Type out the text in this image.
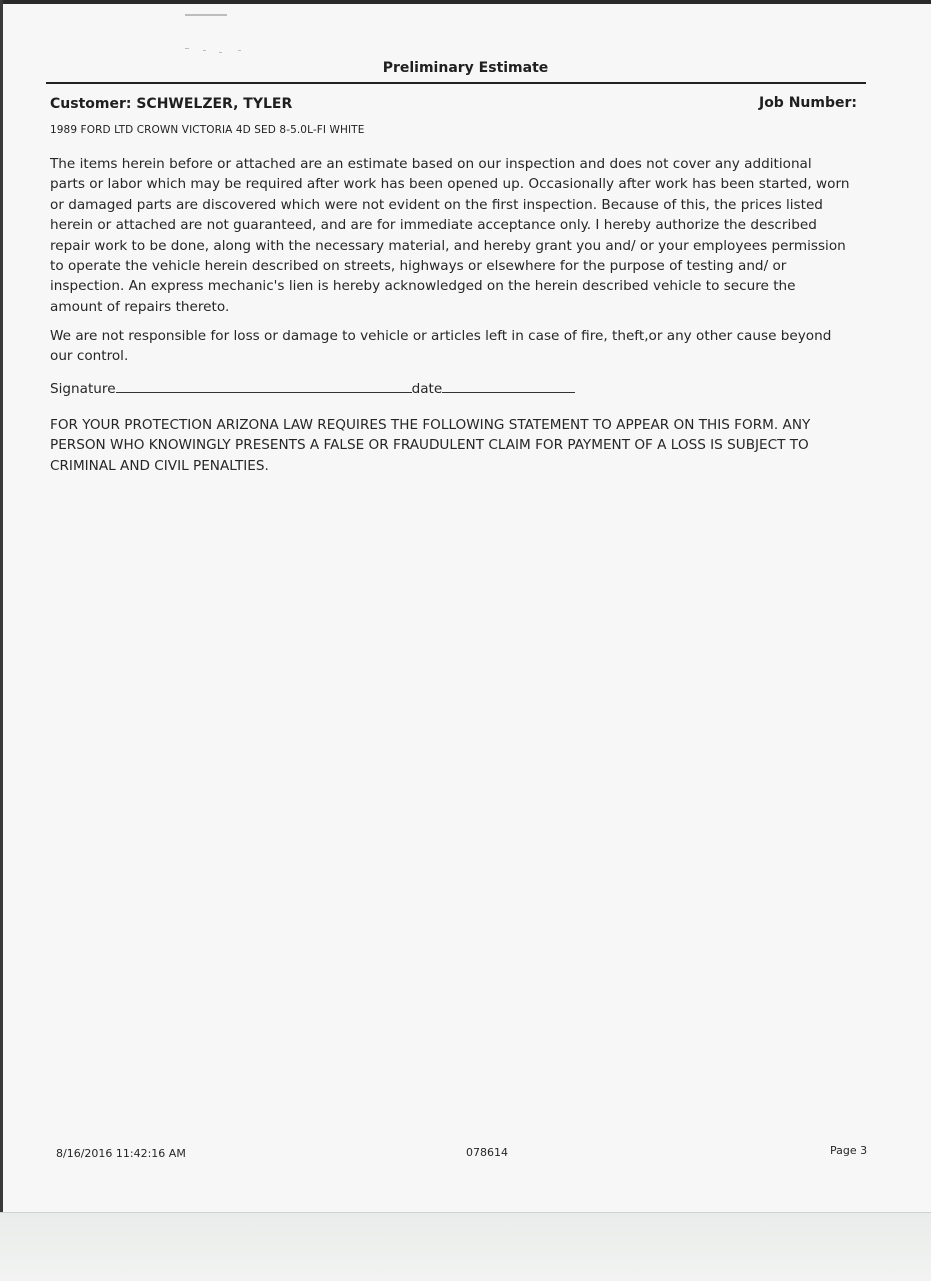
Preliminary Estimate
Customer: SCHWELZER, TYLER	Job Number:
1989 FORD LTD CROWN VICTORIA 4D SED 8-5.0L-FI WHITE
The items herein before or attached are an estimate based on our inspection and does not cover any additional parts or labor which may be required after work has been opened up. Occasionally after work has been started, worn or damaged parts are discovered which were not evident on the first inspection. Because of this, the prices listed herein or attached are not guaranteed, and are for immediate acceptance only. I hereby authorize the described repair work to be done, along with the necessary material, and hereby grant you and/ or your employees permission to operate the vehicle herein described on streets, highways or elsewhere for the purpose of testing and/ or inspection. An express mechanic's lien is hereby acknowledged on the herein described vehicle to secure the amount of repairs thereto.
We are not responsible for loss or damage to vehicle or articles left in case of fire, theft,or any other cause beyond our control.
Signature	date
FOR YOUR PROTECTION ARIZONA LAW REQUIRES THE FOLLOWING STATEMENT TO APPEAR ON THIS FORM. ANY PERSON WHO KNOWINGLY PRESENTS A FALSE OR FRAUDULENT CLAIM FOR PAYMENT OF A LOSS IS SUBJECT TO CRIMINAL AND CIVIL PENALTIES.
8/16/2016 11:42:16 AM	078614	Page 3
